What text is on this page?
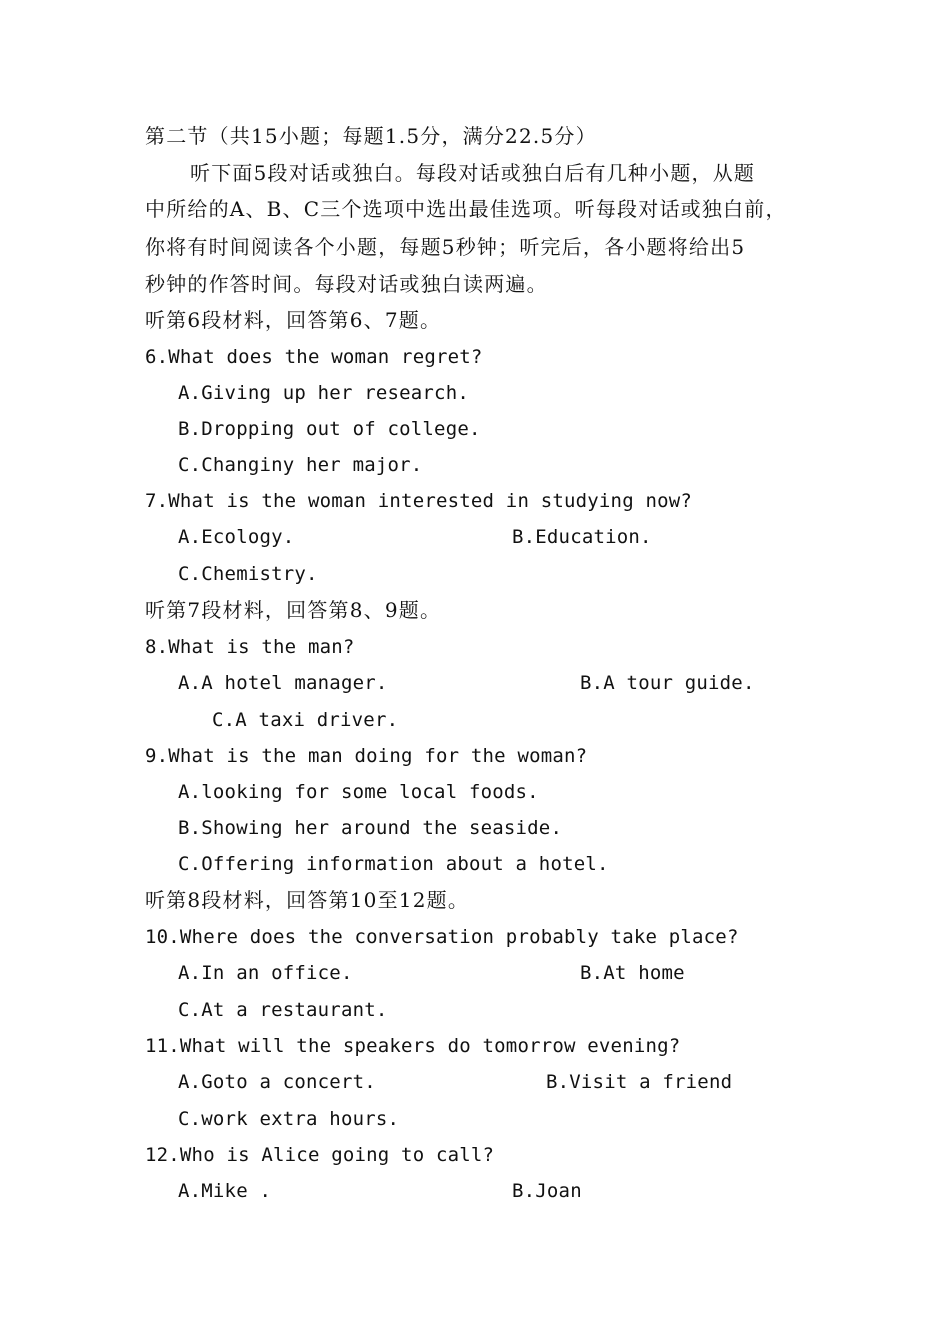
第二节（共15小题；每题1.5分，满分22.5分）
听下面5段对话或独白。每段对话或独白后有几种小题，从题
中所给的A、B、C三个选项中选出最佳选项。听每段对话或独白前，
你将有时间阅读各个小题，每题5秒钟；听完后，各小题将给出5
秒钟的作答时间。每段对话或独白读两遍。
听第6段材料，回答第6、7题。
6.What does the woman regret?
A.Giving up her research.
B.Dropping out of college.
C.Changiny her major.
7.What is the woman interested in studying now?
A.Ecology.	B.Education.
C.Chemistry.
听第7段材料，回答第8、9题。
8.What is the man?
A.A hotel manager.	B.A tour guide.
C.A taxi driver.
9.What is the man doing for the woman?
A.looking for some local foods.
B.Showing her around the seaside.
C.Offering information about a hotel.
听第8段材料，回答第10至12题。
10.Where does the conversation probably take place?
A.In an office.	B.At home
C.At a restaurant.
11.What will the speakers do tomorrow evening?
A.Goto a concert.	B.Visit a friend
C.work extra hours.
12.Who is Alice going to call?
A.Mike .	B.Joan
